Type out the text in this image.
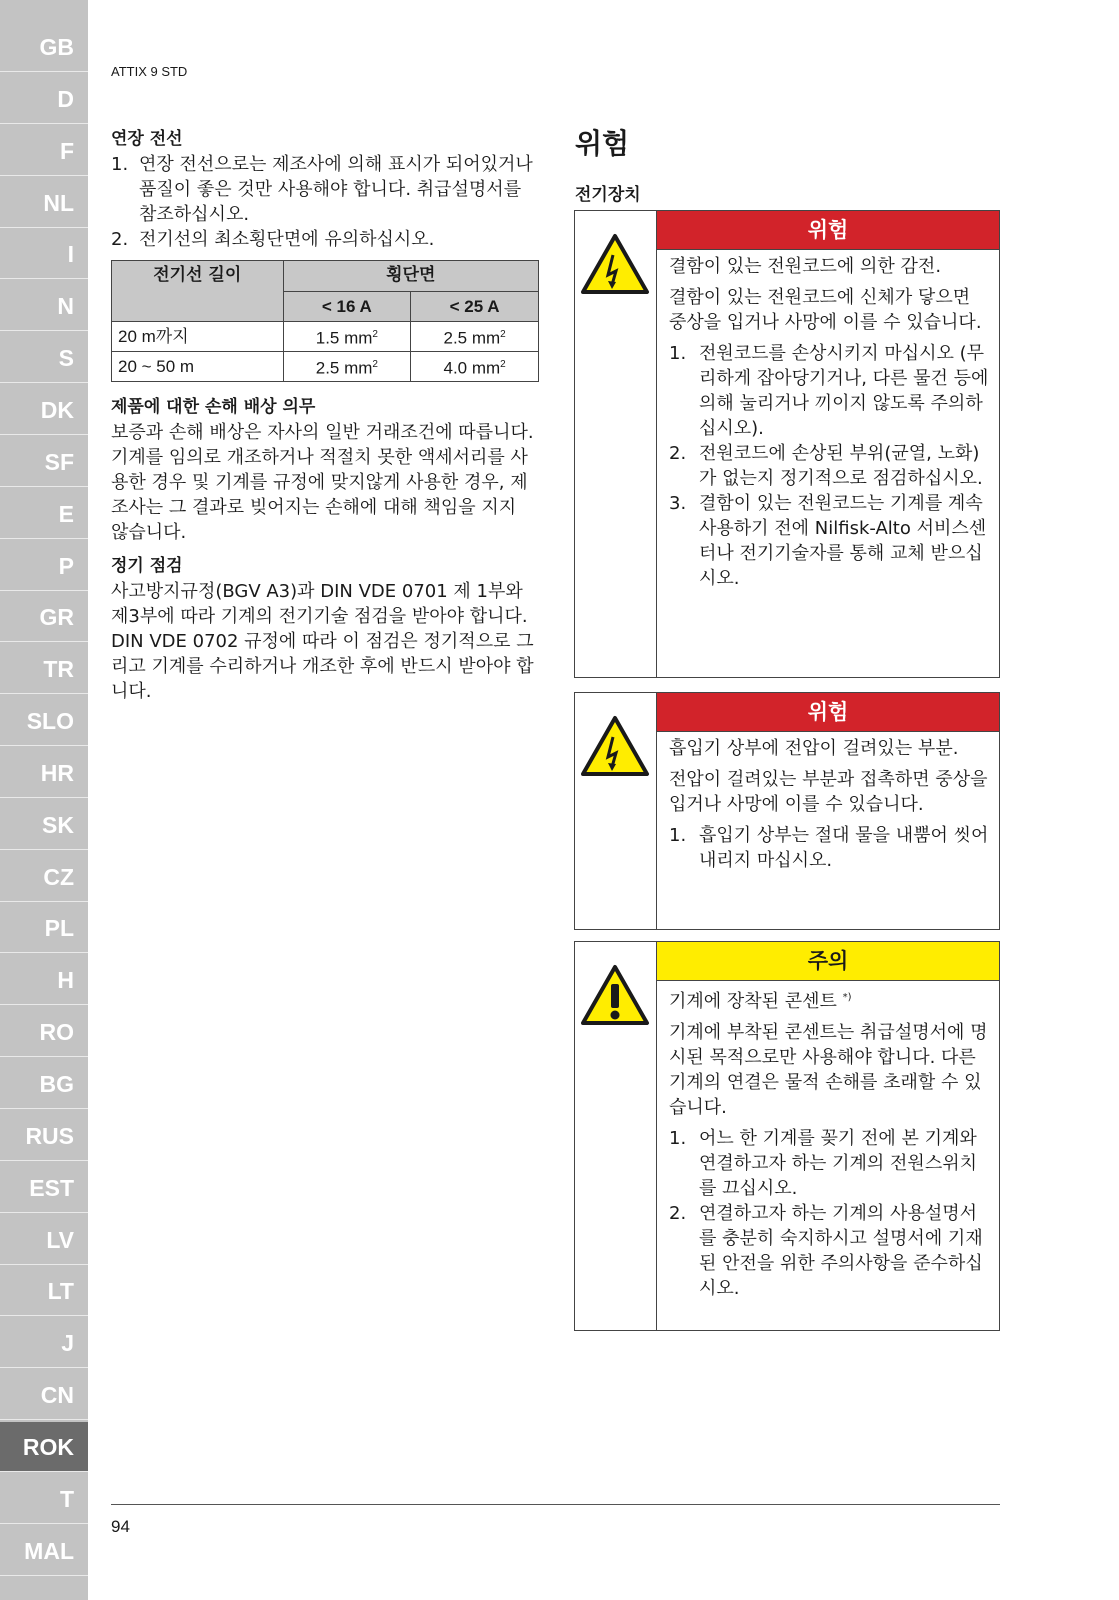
GB
D
F
NL
I
N
S
DK
SF
E
P
GR
TR
SLO
HR
SK
CZ
PL
H
RO
BG
RUS
EST
LV
LT
J
CN
ROK
T
MAL
ATTIX 9 STD
연장 전선
1. 연장 전선으로는 제조사에 의해 표시가 되어있거나 품질이 좋은 것만 사용해야 합니다. 취급설명서를 참조하십시오.
2. 전기선의 최소횡단면에 유의하십시오.
전기선 길이	횡단면	
	< 16 A	< 25 A
20 m까지	1.5 $mm^2$	2.5 $mm^2$
20 ~ 50 m	2.5 $mm^2$	4.0 $mm^2$
제품에 대한 손해 배상 의무

보증과 손해 배상은 자사의 일반 거래조건에 따릅니다.

기계를 임의로 개조하거나 적절치 못한 액세서리를 사용한 경우 및 기계를 규정에 맞지않게 사용한 경우, 제조사는 그 결과로 빚어지는 손해에 대해 책임을 지지 않습니다.

정기 점검

사고방지규정(BGV A3)과 DIN VDE 0701 제 1부와 제3부에 따라 기계의 전기기술 점검을 받아야 합니다. DIN VDE 0702 규정에 따라 이 점검은 정기적으로 그리고 기계를 수리하거나 개조한 후에 반드시 받아야 합니다.

위험
전기장치
위험

결함이 있는 전원코드에 의한 감전.

결함이 있는 전원코드에 신체가 닿으면 중상을 입거나 사망에 이를 수 있습니다.

1. 전원코드를 손상시키지 마십시오 (무리하게 잡아당기거나, 다른 물건 등에 의해 눌리거나 끼이지 않도록 주의하십시오).
2. 전원코드에 손상된 부위(균열, 노화)가 없는지 정기적으로 점검하십시오.
3. 결함이 있는 전원코드는 기계를 계속 사용하기 전에 Nilfisk-Alto 서비스센터나 전기기술자를 통해 교체 받으십시오.
위험

흡입기 상부에 전압이 걸려있는 부분.

전압이 걸려있는 부분과 접촉하면 중상을 입거나 사망에 이를 수 있습니다.

1. 흡입기 상부는 절대 물을 내뿜어 씻어내리지 마십시오.
주의

기계에 장착된 콘센트 *)

기계에 부착된 콘센트는 취급설명서에 명시된 목적으로만 사용해야 합니다. 다른 기계의 연결은 물적 손해를 초래할 수 있습니다.

1. 어느 한 기계를 꽂기 전에 본 기계와 연결하고자 하는 기계의 전원스위치를 끄십시오.
2. 연결하고자 하는 기계의 사용설명서를 충분히 숙지하시고 설명서에 기재된 안전을 위한 주의사항을 준수하십시오.
94
